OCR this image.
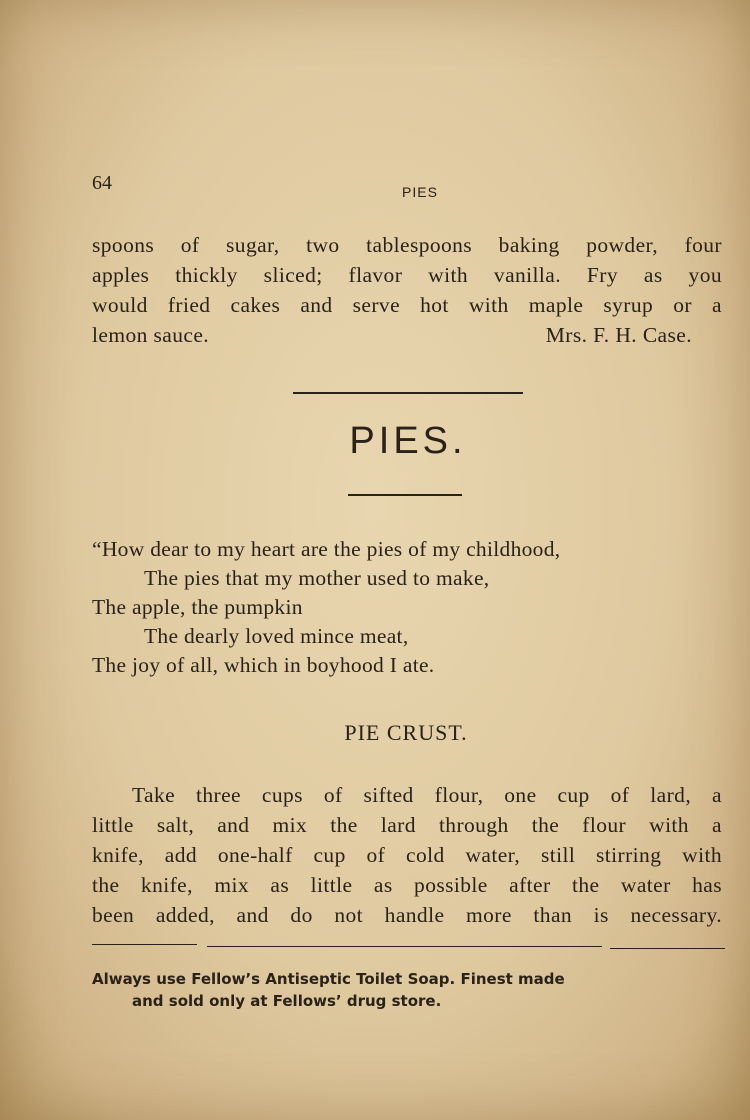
64	PIES

spoons of sugar, two tablespoons baking powder, four

apples thickly sliced; flavor with vanilla. Fry as you

would fried cakes and serve hot with maple syrup or a

lemon sauce.	Mrs. F. H. Case.
PIES.
“How dear to my heart are the pies of my childhood,
The pies that my mother used to make,
The apple, the pumpkin
The dearly loved mince meat,
The joy of all, which in boyhood I ate.
PIE CRUST.

Take three cups of sifted flour, one cup of lard, a

little salt, and mix the lard through the flour with a

knife, add one-half cup of cold water, still stirring with

the knife, mix as little as possible after the water has

been added, and do not handle more than is necessary.

Always use Fellow’s Antiseptic Toilet Soap. Finest made
and sold only at Fellows’ drug store.
